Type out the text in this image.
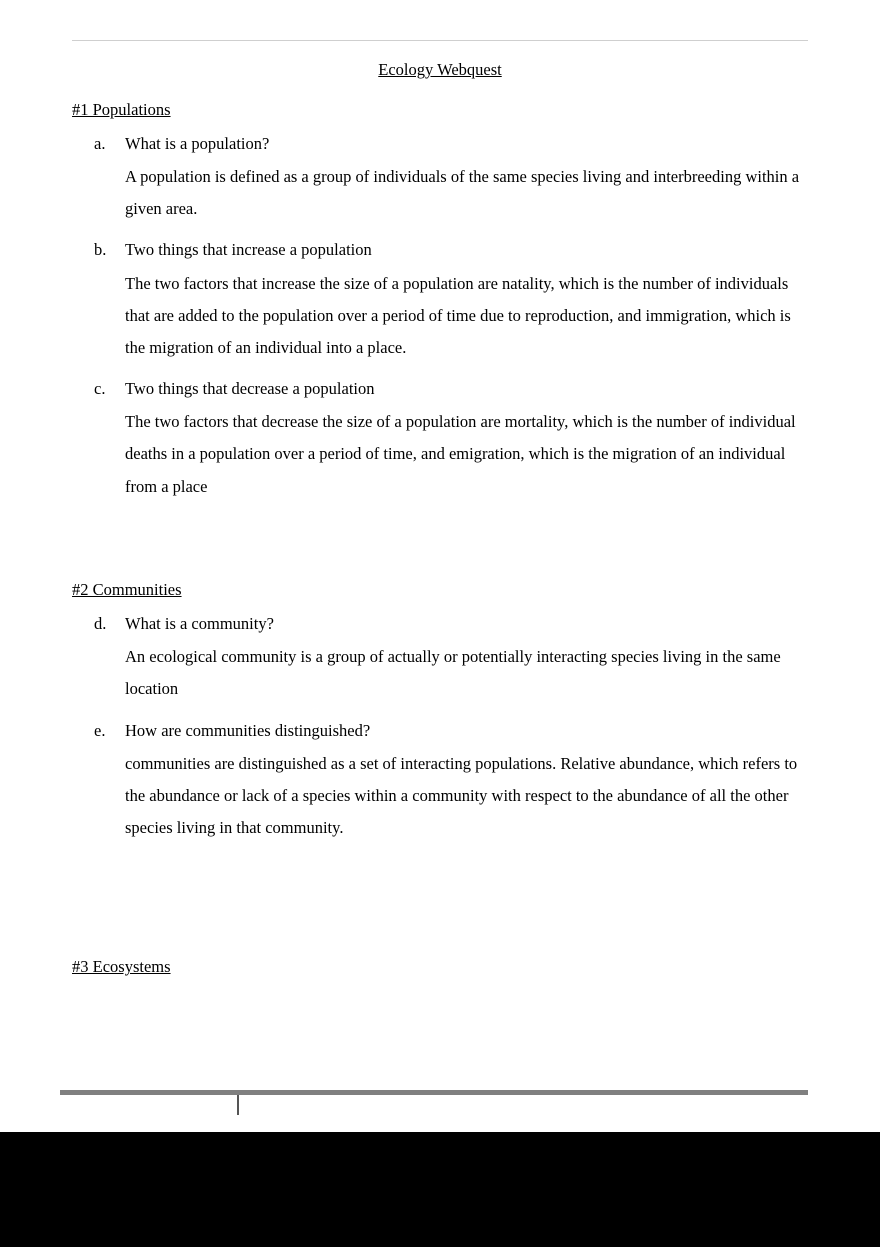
Ecology Webquest
#1 Populations
a. What is a population?

A population is defined as a group of individuals of the same species living and interbreeding within a given area.

b. Two things that increase a population

The two factors that increase the size of a population are natality, which is the number of individuals that are added to the population over a period of time due to reproduction, and immigration, which is the migration of an individual into a place.

c. Two things that decrease a population

The two factors that decrease the size of a population are mortality, which is the number of individual deaths in a population over a period of time, and emigration, which is the migration of an individual from a place

#2 Communities
d. What is a community?

An ecological community is a group of actually or potentially interacting species living in the same location

e. How are communities distinguished?

communities are distinguished as a set of interacting populations. Relative abundance, which refers to the abundance or lack of a species within a community with respect to the abundance of all the other species living in that community.

#3 Ecosystems
